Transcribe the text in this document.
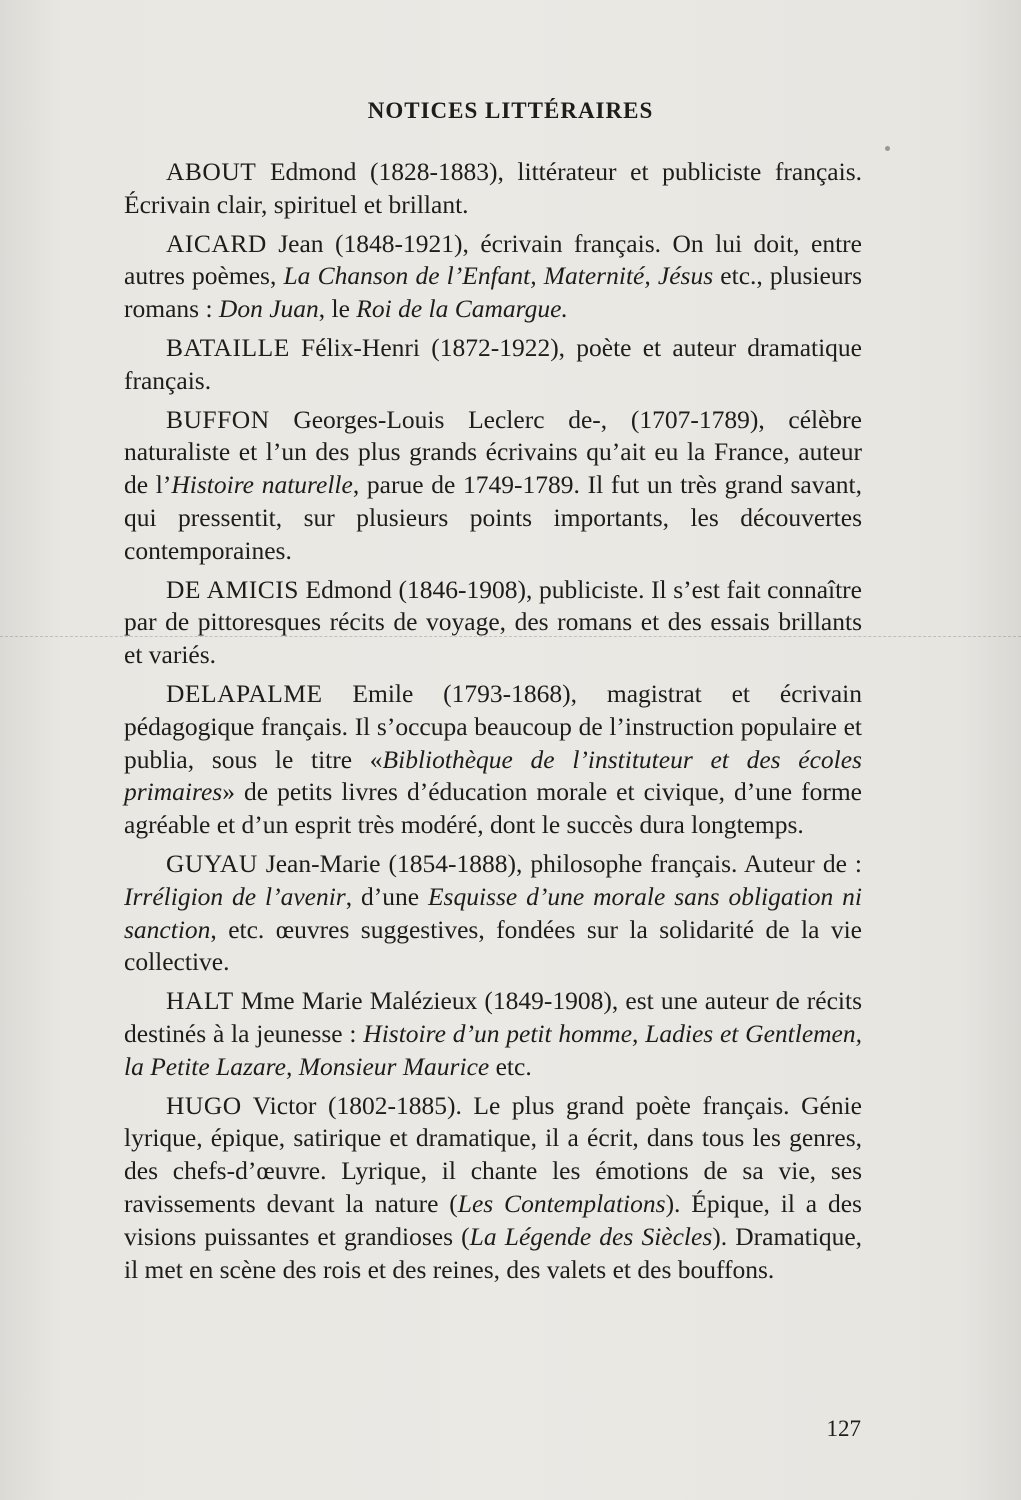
NOTICES LITTÉRAIRES

ABOUT Edmond (1828-1883), littérateur et publiciste français. Écrivain clair, spirituel et brillant.

AICARD Jean (1848-1921), écrivain français. On lui doit, entre autres poèmes, La Chanson de l’Enfant, Maternité, Jésus etc., plusieurs romans : Don Juan, le Roi de la Camargue.

BATAILLE Félix-Henri (1872-1922), poète et auteur dramatique français.

BUFFON Georges-Louis Leclerc de-, (1707-1789), célèbre naturaliste et l’un des plus grands écrivains qu’ait eu la France, auteur de l’Histoire naturelle, parue de 1749-1789. Il fut un très grand savant, qui pressentit, sur plusieurs points importants, les découvertes contemporaines.

DE AMICIS Edmond (1846-1908), publiciste. Il s’est fait connaître par de pittoresques récits de voyage, des romans et des essais brillants et variés.

DELAPALME Emile (1793-1868), magistrat et écrivain pédagogique français. Il s’occupa beaucoup de l’instruction populaire et publia, sous le titre «Bibliothèque de l’instituteur et des écoles primaires» de petits livres d’éducation morale et civique, d’une forme agréable et d’un esprit très modéré, dont le succès dura longtemps.

GUYAU Jean-Marie (1854-1888), philosophe français. Auteur de : Irréligion de l’avenir, d’une Esquisse d’une morale sans obligation ni sanction, etc. œuvres suggestives, fondées sur la solidarité de la vie collective.

HALT Mme Marie Malézieux (1849-1908), est une auteur de récits destinés à la jeunesse : Histoire d’un petit homme, Ladies et Gentlemen, la Petite Lazare, Monsieur Maurice etc.

HUGO Victor (1802-1885). Le plus grand poète français. Génie lyrique, épique, satirique et dramatique, il a écrit, dans tous les genres, des chefs-d’œuvre. Lyrique, il chante les émotions de sa vie, ses ravissements devant la nature (Les Contemplations). Épique, il a des visions puissantes et grandioses (La Légende des Siècles). Dramatique, il met en scène des rois et des reines, des valets et des bouffons.

127
